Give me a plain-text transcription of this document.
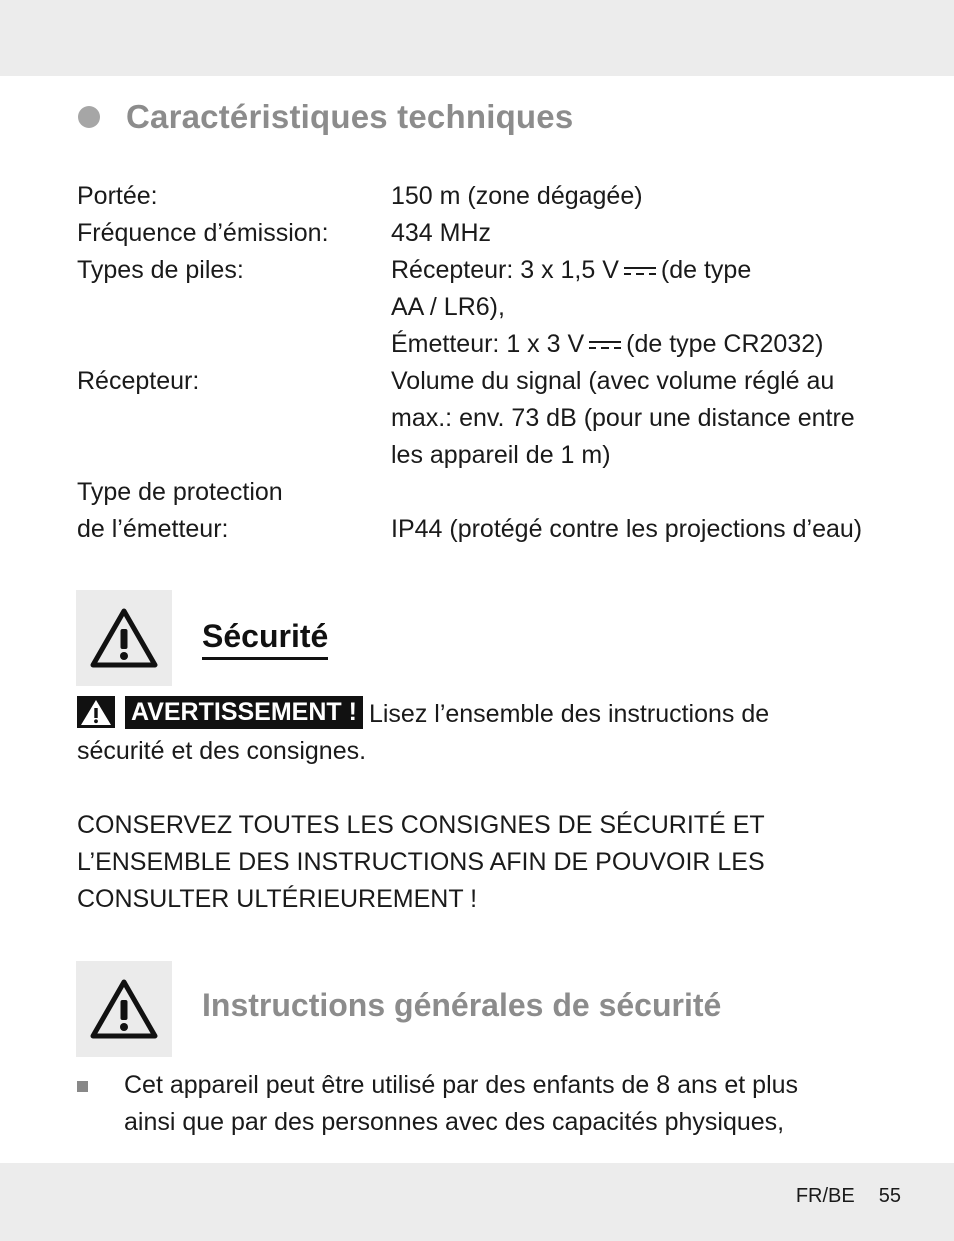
Caractéristiques techniques
Portée:	150 m (zone dégagée)
Fréquence d’émission:	434 MHz
Types de piles:	Récepteur: 3 x 1,5 V (de type
AA / LR6),
Émetteur: 1 x 3 V (de type CR2032)
Récepteur:	Volume du signal (avec volume réglé au
max.: env. 73 dB (pour une distance entre
les appareil de 1 m)
Type de protection
de l’émetteur:
	IP44 (protégé contre les projections d’eau)
Sécurité
AVERTISSEMENT ! Lisez l’ensemble des instructions de
sécurité et des consignes.
CONSERVEZ TOUTES LES CONSIGNES DE SÉCURITÉ ET
L’ENSEMBLE DES INSTRUCTIONS AFIN DE POUVOIR LES
CONSULTER ULTÉRIEUREMENT !
Instructions générales de sécurité
Cet appareil peut être utilisé par des enfants de 8 ans et plus
ainsi que par des personnes avec des capacités physiques,
FR/BE 55
